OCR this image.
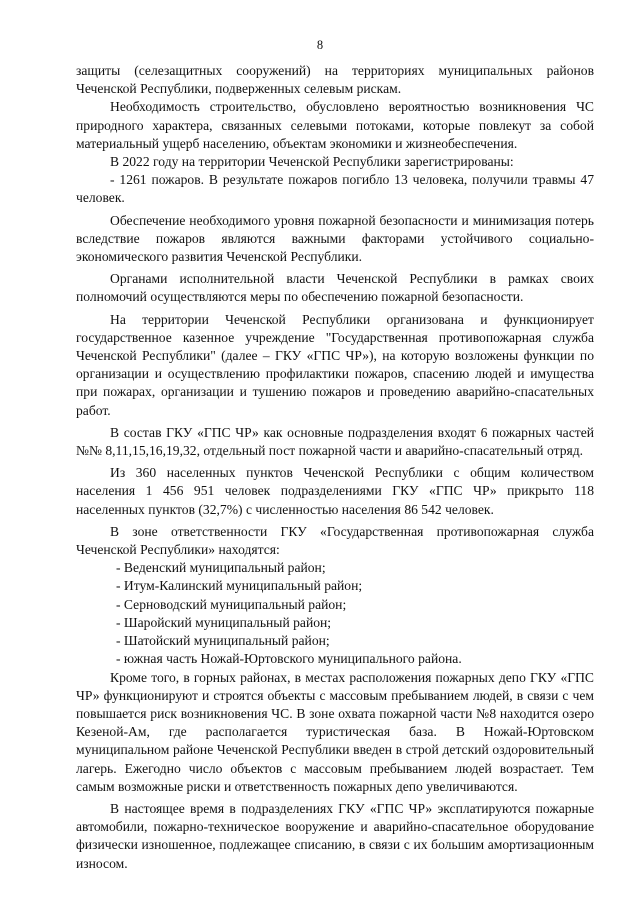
8

защиты (селезащитных сооружений) на территориях муниципальных районов Чеченской Республики, подверженных селевым рискам.

Необходимость строительство, обусловлено вероятностью возникновения ЧС природного характера, связанных селевыми потоками, которые повлекут за собой материальный ущерб населению, объектам экономики и жизнеобеспечения.

В 2022 году на территории Чеченской Республики зарегистрированы:

- 1261 пожаров. В результате пожаров погибло 13 человека, получили травмы 47 человек.

Обеспечение необходимого уровня пожарной безопасности и минимизация потерь вследствие пожаров являются важными факторами устойчивого социально-экономического развития Чеченской Республики.

Органами исполнительной власти Чеченской Республики в рамках своих полномочий осуществляются меры по обеспечению пожарной безопасности.

На территории Чеченской Республики организована и функционирует государственное казенное учреждение "Государственная противопожарная служба Чеченской Республики" (далее – ГКУ «ГПС ЧР»), на которую возложены функции по организации и осуществлению профилактики пожаров, спасению людей и имущества при пожарах, организации и тушению пожаров и проведению аварийно-спасательных работ.

В состав ГКУ «ГПС ЧР» как основные подразделения входят 6 пожарных частей №№ 8,11,15,16,19,32, отдельный пост пожарной части и аварийно-спасательный отряд.

Из 360 населенных пунктов Чеченской Республики с общим количеством населения 1 456 951 человек подразделениями ГКУ «ГПС ЧР» прикрыто 118 населенных пунктов (32,7%) с численностью населения 86 542 человек.

В зоне ответственности ГКУ «Государственная противопожарная служба Чеченской Республики» находятся:

- Веденский муниципальный район;

- Итум-Калинский муниципальный район;

- Серноводский муниципальный район;

- Шаройский муниципальный район;

- Шатойский муниципальный район;

- южная часть Ножай-Юртовского муниципального района.

Кроме того, в горных районах, в местах расположения пожарных депо ГКУ «ГПС ЧР» функционируют и строятся объекты с массовым пребыванием людей, в связи с чем повышается риск возникновения ЧС. В зоне охвата пожарной части №8 находится озеро Кезеной-Ам, где располагается туристическая база. В Ножай-Юртовском муниципальном районе Чеченской Республики введен в строй детский оздоровительный лагерь. Ежегодно число объектов с массовым пребыванием людей возрастает. Тем самым возможные риски и ответственность пожарных депо увеличиваются.

В настоящее время в подразделениях ГКУ «ГПС ЧР» эксплатируются пожарные автомобили, пожарно-техническое вооружение и аварийно-спасательное оборудование физически изношенное, подлежащее списанию, в связи с их большим амортизационным износом.
